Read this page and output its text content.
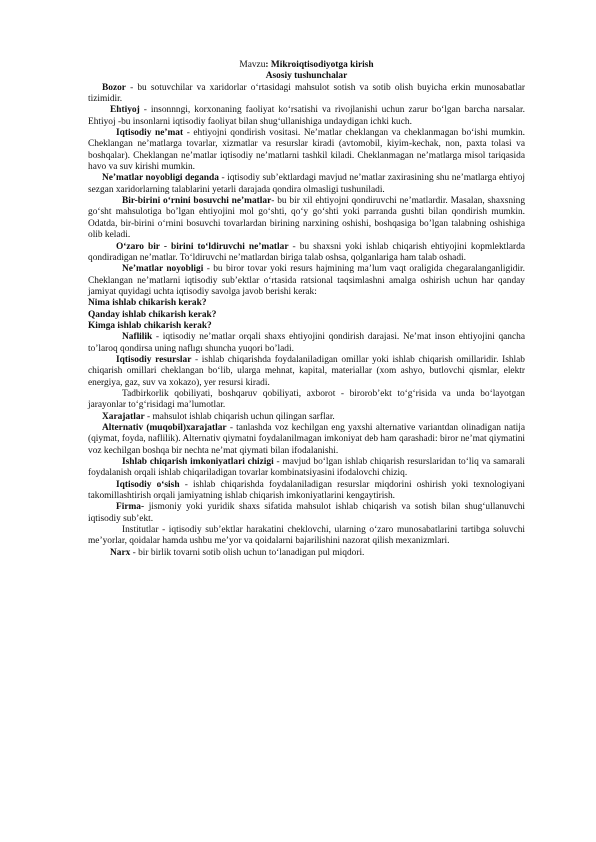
Mavzu: Mikroiqtisodiyotga kirish

Asosiy tushunchalar

Bozor - bu sotuvchilar va xaridorlar o‘rtasidagi mahsulot sotish va sotib olish buyicha erkin munosabatlar tizimidir.

Ehtiyoj - insonnngi, korxonaning faoliyat ko‘rsatishi va rivojlanishi uchun zarur bo‘lgan barcha narsalar. Ehtiyoj -bu insonlarni iqtisodiy faoliyat bilan shug‘ullanishiga undaydigan ichki kuch.

Iqtisodiy ne’mat - ehtiyojni qondirish vositasi. Ne’matlar cheklangan va cheklanmagan bo‘ishi mumkin. Cheklangan ne’matlarga tovarlar, xizmatlar va resurslar kiradi (avtomobil, kiyim-kechak, non, paxta tolasi va boshqalar). Cheklangan ne’matlar iqtisodiy ne’matlarni tashkil kiladi. Cheklanmagan ne’matlarga misol tariqasida havo va suv kirishi mumkin.

Ne’matlar noyobligi deganda - iqtisodiy sub’ektlardagi mavjud ne’matlar zaxirasining shu ne’matlarga ehtiyoj sezgan xaridorlarning talablarini yetarli darajada qondira olmasligi tushuniladi.

Bir-birini o‘rnini bosuvchi ne’matlar- bu bir xil ehtiyojni qondiruvchi ne’matlardir. Masalan, shaxsning go‘sht mahsulotiga bo’lgan ehtiyojini mol go‘shti, qo‘y go‘shti yoki parranda gushti bilan qondirish mumkin. Odatda, bir-birini o‘rnini bosuvchi tovarlardan birining narxining oshishi, boshqasiga bo’lgan talabning oshishiga olib keladi.

O‘zaro bir - birini to‘ldiruvchi ne’matlar - bu shaxsni yoki ishlab chiqarish ehtiyojini kopmlektlarda qondiradigan ne’matlar. To‘ldiruvchi ne’matlardan biriga talab oshsa, qolganlariga ham talab oshadi.

Ne’matlar noyobligi - bu biror tovar yoki resurs hajmining ma’lum vaqt oraligida chegaralanganligidir. Cheklangan ne’matlarni iqtisodiy sub’ektlar o‘rtasida ratsional taqsimlashni amalga oshirish uchun har qanday jamiyat quyidagi uchta iqtisodiy savolga javob berishi kerak:

Nima ishlab chikarish kerak?

Qanday ishlab chikarish kerak?

Kimga ishlab chikarish kerak?

Naflilik - iqtisodiy ne’matlar orqali shaxs ehtiyojini qondirish darajasi. Ne’mat inson ehtiyojini qancha to’laroq qondirsa uning naflıgı shuncha yuqori bo’ladi.

Iqtisodiy resurslar - ishlab chiqarishda foydalaniladigan omillar yoki ishlab chiqarish omillaridir. Ishlab chiqarish omillari cheklangan bo‘lib, ularga mehnat, kapital, materiallar (xom ashyo, butlovchi qismlar, elektr energiya, gaz, suv va xokazo), yer resursi kiradi.

Tadbirkorlik qobiliyati, boshqaruv qobiliyati, axborot - birorob’ekt to‘g‘risida va unda bo‘layotgan jarayonlar to‘g‘risidagi ma’lumotlar.

Xarajatlar - mahsulot ishlab chiqarish uchun qilingan sarflar.

Alternativ (muqobil)xarajatlar - tanlashda voz kechilgan eng yaxshi alternative variantdan olinadigan natija (qiymat, foyda, naflilik). Alternativ qiymatni foydalanilmagan imkoniyat deb ham qarashadi: biror ne’mat qiymatini voz kechilgan boshqa bir nechta ne’mat qiymati bilan ifodalanishi.

Ishlab chiqarish imkoniyatlari chizigi - mavjud bo‘lgan ishlab chiqarish resurslaridan to‘liq va samarali foydalanish orqali ishlab chiqariladigan tovarlar kombinatsiyasini ifodalovchi chiziq.

Iqtisodiy o‘sish - ishlab chiqarishda foydalaniladigan resurslar miqdorini oshirish yoki texnologiyani takomillashtirish orqali jamiyatning ishlab chiqarish imkoniyatlarini kengaytirish.

Firma- jismoniy yoki yuridik shaxs sifatida mahsulot ishlab chiqarish va sotish bilan shug‘ullanuvchi iqtisodiy sub’ekt.

Institutlar - iqtisodiy sub’ektlar harakatini cheklovchi, ularning o‘zaro munosabatlarini tartibga soluvchi me’yorlar, qoidalar hamda ushbu me’yor va qoidalarni bajarilishini nazorat qilish mexanizmlari.

Narx - bir birlik tovarni sotib olish uchun to‘lanadigan pul miqdori.
